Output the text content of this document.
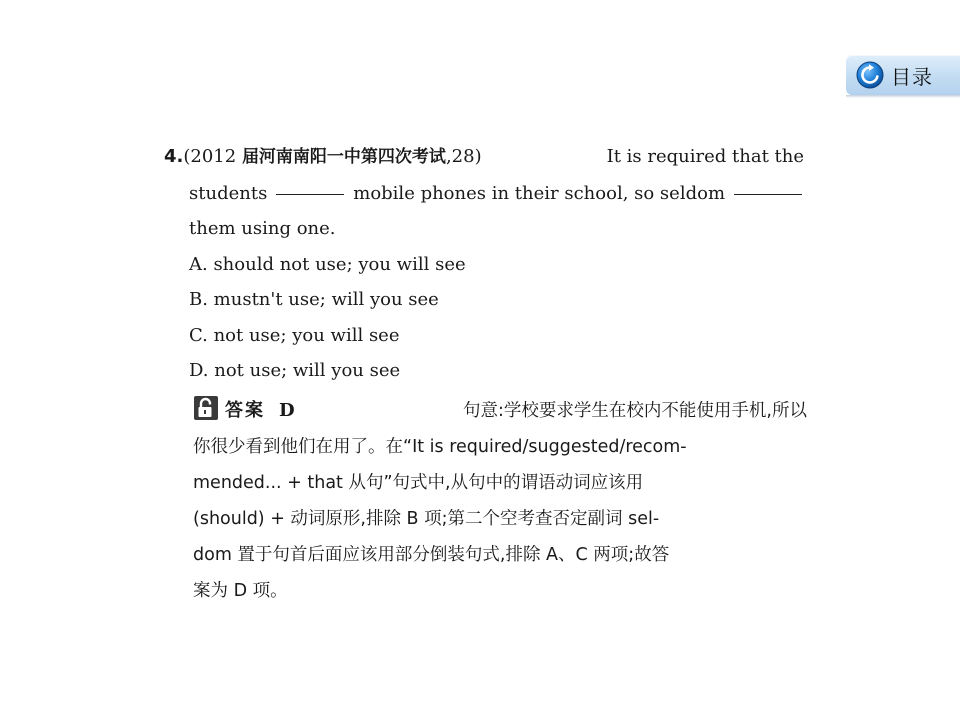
目录
4.(2012 届河南南阳一中第四次考试,28)	It is required that the
students	mobile phones in their school, so seldom
them using one.
A. should not use; you will see
B. mustn't use; will you see
C. not use; you will see
D. not use; will you see
答案 D	句意:学校要求学生在校内不能使用手机,所以
你很少看到他们在用了。在“It is required/suggested/recom-
mended... + that 从句”句式中,从句中的谓语动词应该用
(should) + 动词原形,排除 B 项;第二个空考查否定副词 sel-
dom 置于句首后面应该用部分倒装句式,排除 A、C 两项;故答
案为 D 项。
